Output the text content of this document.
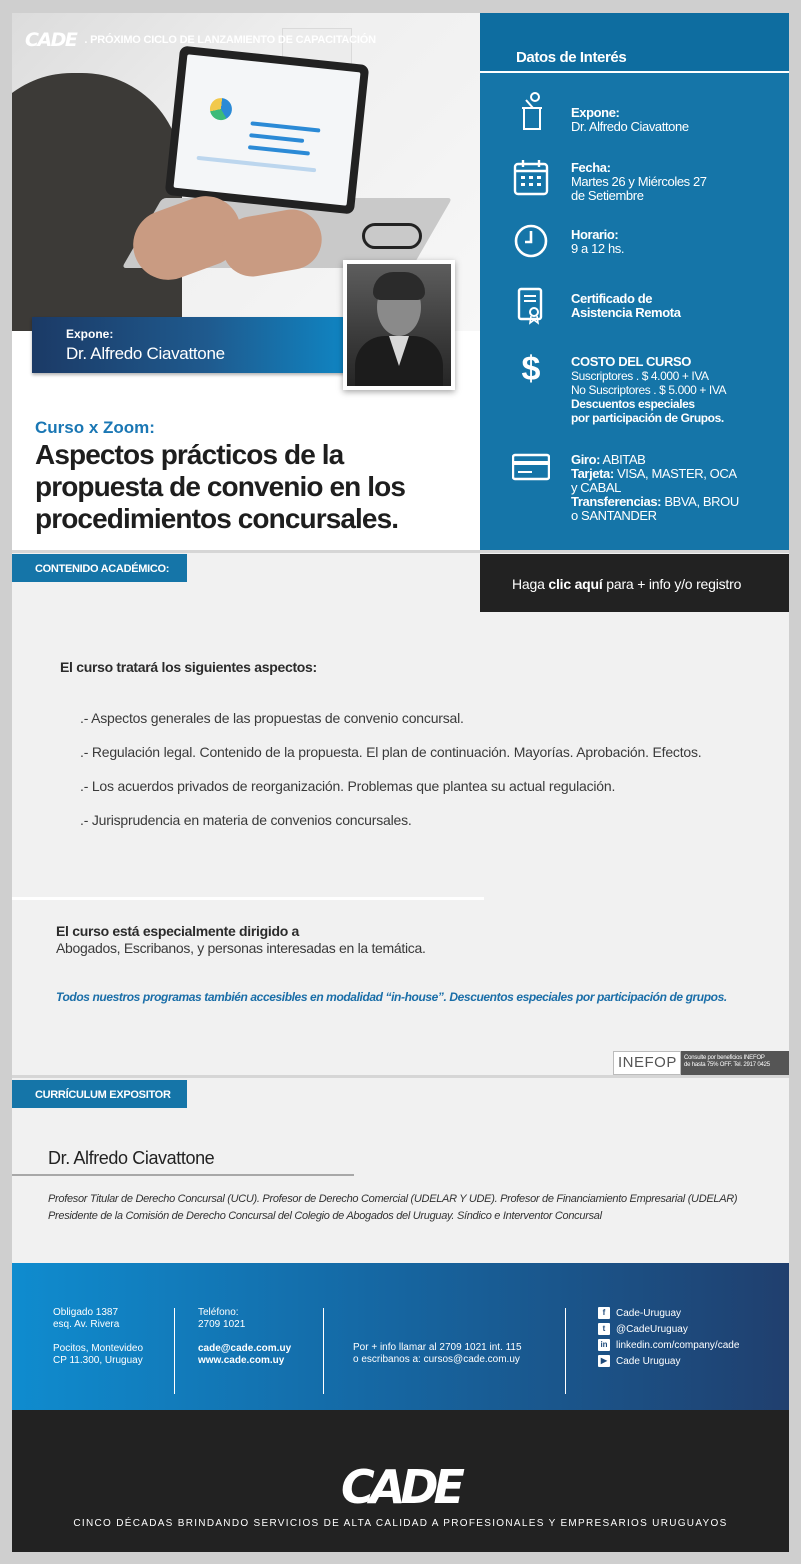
CADE . PRÓXIMO CICLO DE LANZAMIENTO DE CAPACITACIÓN
Expone:
Dr. Alfredo Ciavattone
Curso x Zoom:
Aspectos prácticos de la propuesta de convenio en los procedimientos concursales.
Datos de Interés
Expone:
Dr. Alfredo Ciavattone
Fecha:
Martes 26 y Miércoles 27
de Setiembre
Horario:
9 a 12 hs.
Certificado de
Asistencia Remota
$	COSTO DEL CURSO
Suscriptores . $ 4.000 + IVA
No Suscriptores . $ 5.000 + IVA
Descuentos especiales
por participación de Grupos.
Giro: ABITAB
Tarjeta: VISA, MASTER, OCA
y CABAL
Transferencias: BBVA, BROU
o SANTANDER
CONTENIDO ACADÉMICO:
Haga clic aquí para + info y/o registro
El curso tratará los siguientes aspectos:
.- Aspectos generales de las propuestas de convenio concursal.
.- Regulación legal. Contenido de la propuesta. El plan de continuación. Mayorías. Aprobación. Efectos.
.- Los acuerdos privados de reorganización. Problemas que plantea su actual regulación.
.- Jurisprudencia en materia de convenios concursales.
El curso está especialmente dirigido a
Abogados, Escribanos, y personas interesadas en la temática.
Todos nuestros programas también accesibles en modalidad “in-house”. Descuentos especiales por participación de grupos.
INEFOP	Consulte por beneficios INEFOP
de hasta 75% OFF. Tel. 2917 0425
CURRÍCULUM EXPOSITOR
Dr. Alfredo Ciavattone
Profesor Titular de Derecho Concursal (UCU). Profesor de Derecho Comercial (UDELAR Y UDE). Profesor de Financiamiento Empresarial (UDELAR)
Presidente de la Comisión de Derecho Concursal del Colegio de Abogados del Uruguay. Síndico e Interventor Concursal
Obligado 1387
esq. Av. Rivera

Pocitos, Montevideo
CP 11.300, Uruguay
Teléfono:
2709 1021

cade@cade.com.uy
www.cade.com.uy
Por + info llamar al 2709 1021 int. 115
o escribanos a: cursos@cade.com.uy
f	Cade-Uruguay
t	@CadeUruguay
in linkedin.com/company/cade
▶ Cade Uruguay
CADE
CINCO DÉCADAS BRINDANDO SERVICIOS DE ALTA CALIDAD A PROFESIONALES Y EMPRESARIOS URUGUAYOS
